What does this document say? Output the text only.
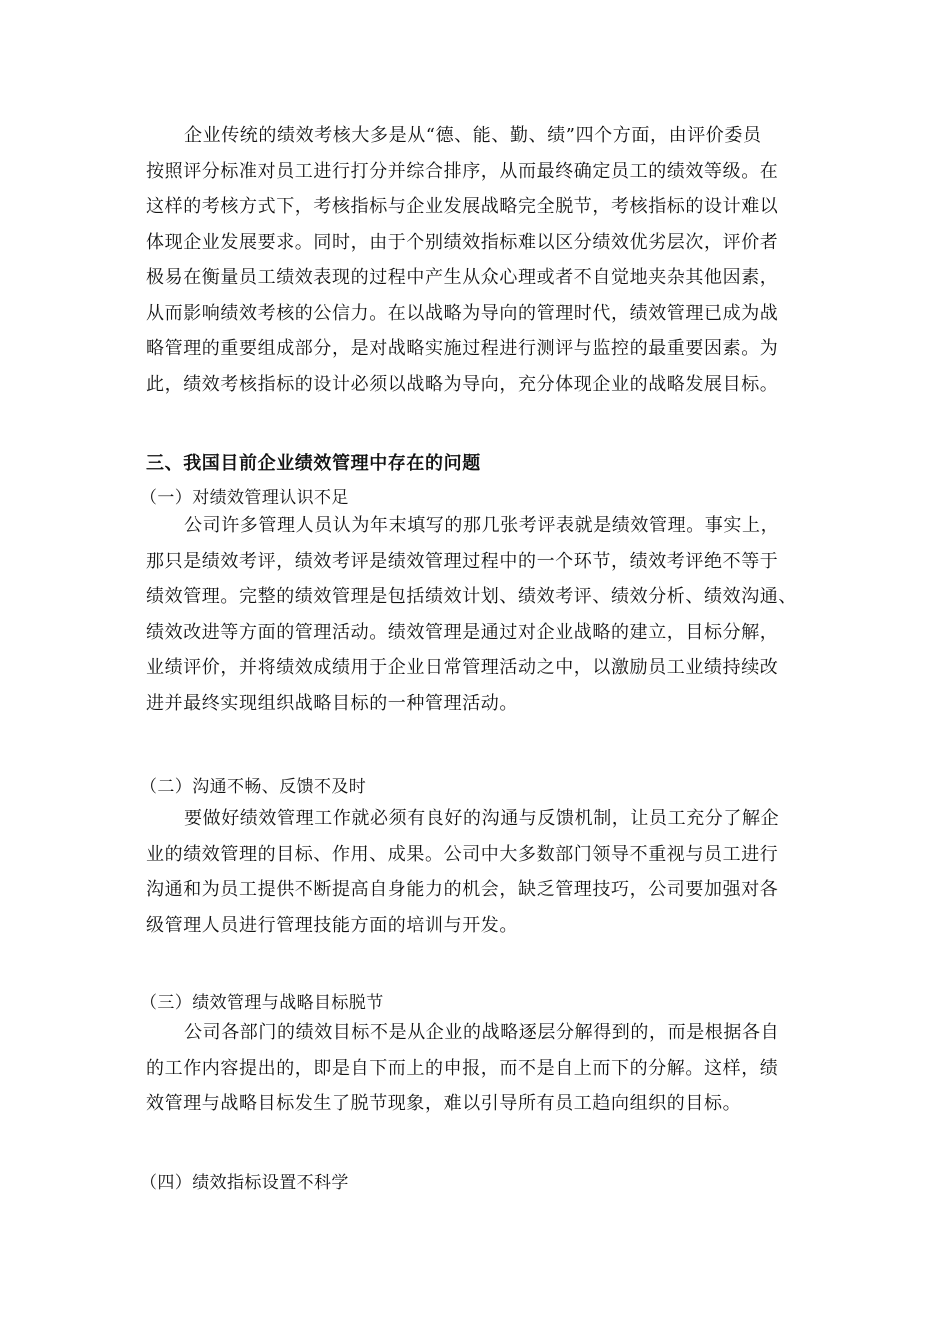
企业传统的绩效考核大多是从“德、能、勤、绩”四个方面，由评价委员
按照评分标准对员工进行打分并综合排序，从而最终确定员工的绩效等级。在
这样的考核方式下，考核指标与企业发展战略完全脱节，考核指标的设计难以
体现企业发展要求。同时，由于个别绩效指标难以区分绩效优劣层次，评价者
极易在衡量员工绩效表现的过程中产生从众心理或者不自觉地夹杂其他因素，
从而影响绩效考核的公信力。在以战略为导向的管理时代，绩效管理已成为战
略管理的重要组成部分，是对战略实施过程进行测评与监控的最重要因素。为
此，绩效考核指标的设计必须以战略为导向，充分体现企业的战略发展目标。
三、我国目前企业绩效管理中存在的问题
（一）对绩效管理认识不足
公司许多管理人员认为年末填写的那几张考评表就是绩效管理。事实上，
那只是绩效考评，绩效考评是绩效管理过程中的一个环节，绩效考评绝不等于
绩效管理。完整的绩效管理是包括绩效计划、绩效考评、绩效分析、绩效沟通、
绩效改进等方面的管理活动。绩效管理是通过对企业战略的建立，目标分解，
业绩评价，并将绩效成绩用于企业日常管理活动之中，以激励员工业绩持续改
进并最终实现组织战略目标的一种管理活动。
（二）沟通不畅、反馈不及时
要做好绩效管理工作就必须有良好的沟通与反馈机制，让员工充分了解企
业的绩效管理的目标、作用、成果。公司中大多数部门领导不重视与员工进行
沟通和为员工提供不断提高自身能力的机会，缺乏管理技巧，公司要加强对各
级管理人员进行管理技能方面的培训与开发。
（三）绩效管理与战略目标脱节
公司各部门的绩效目标不是从企业的战略逐层分解得到的，而是根据各自
的工作内容提出的，即是自下而上的申报，而不是自上而下的分解。这样，绩
效管理与战略目标发生了脱节现象，难以引导所有员工趋向组织的目标。
（四）绩效指标设置不科学
